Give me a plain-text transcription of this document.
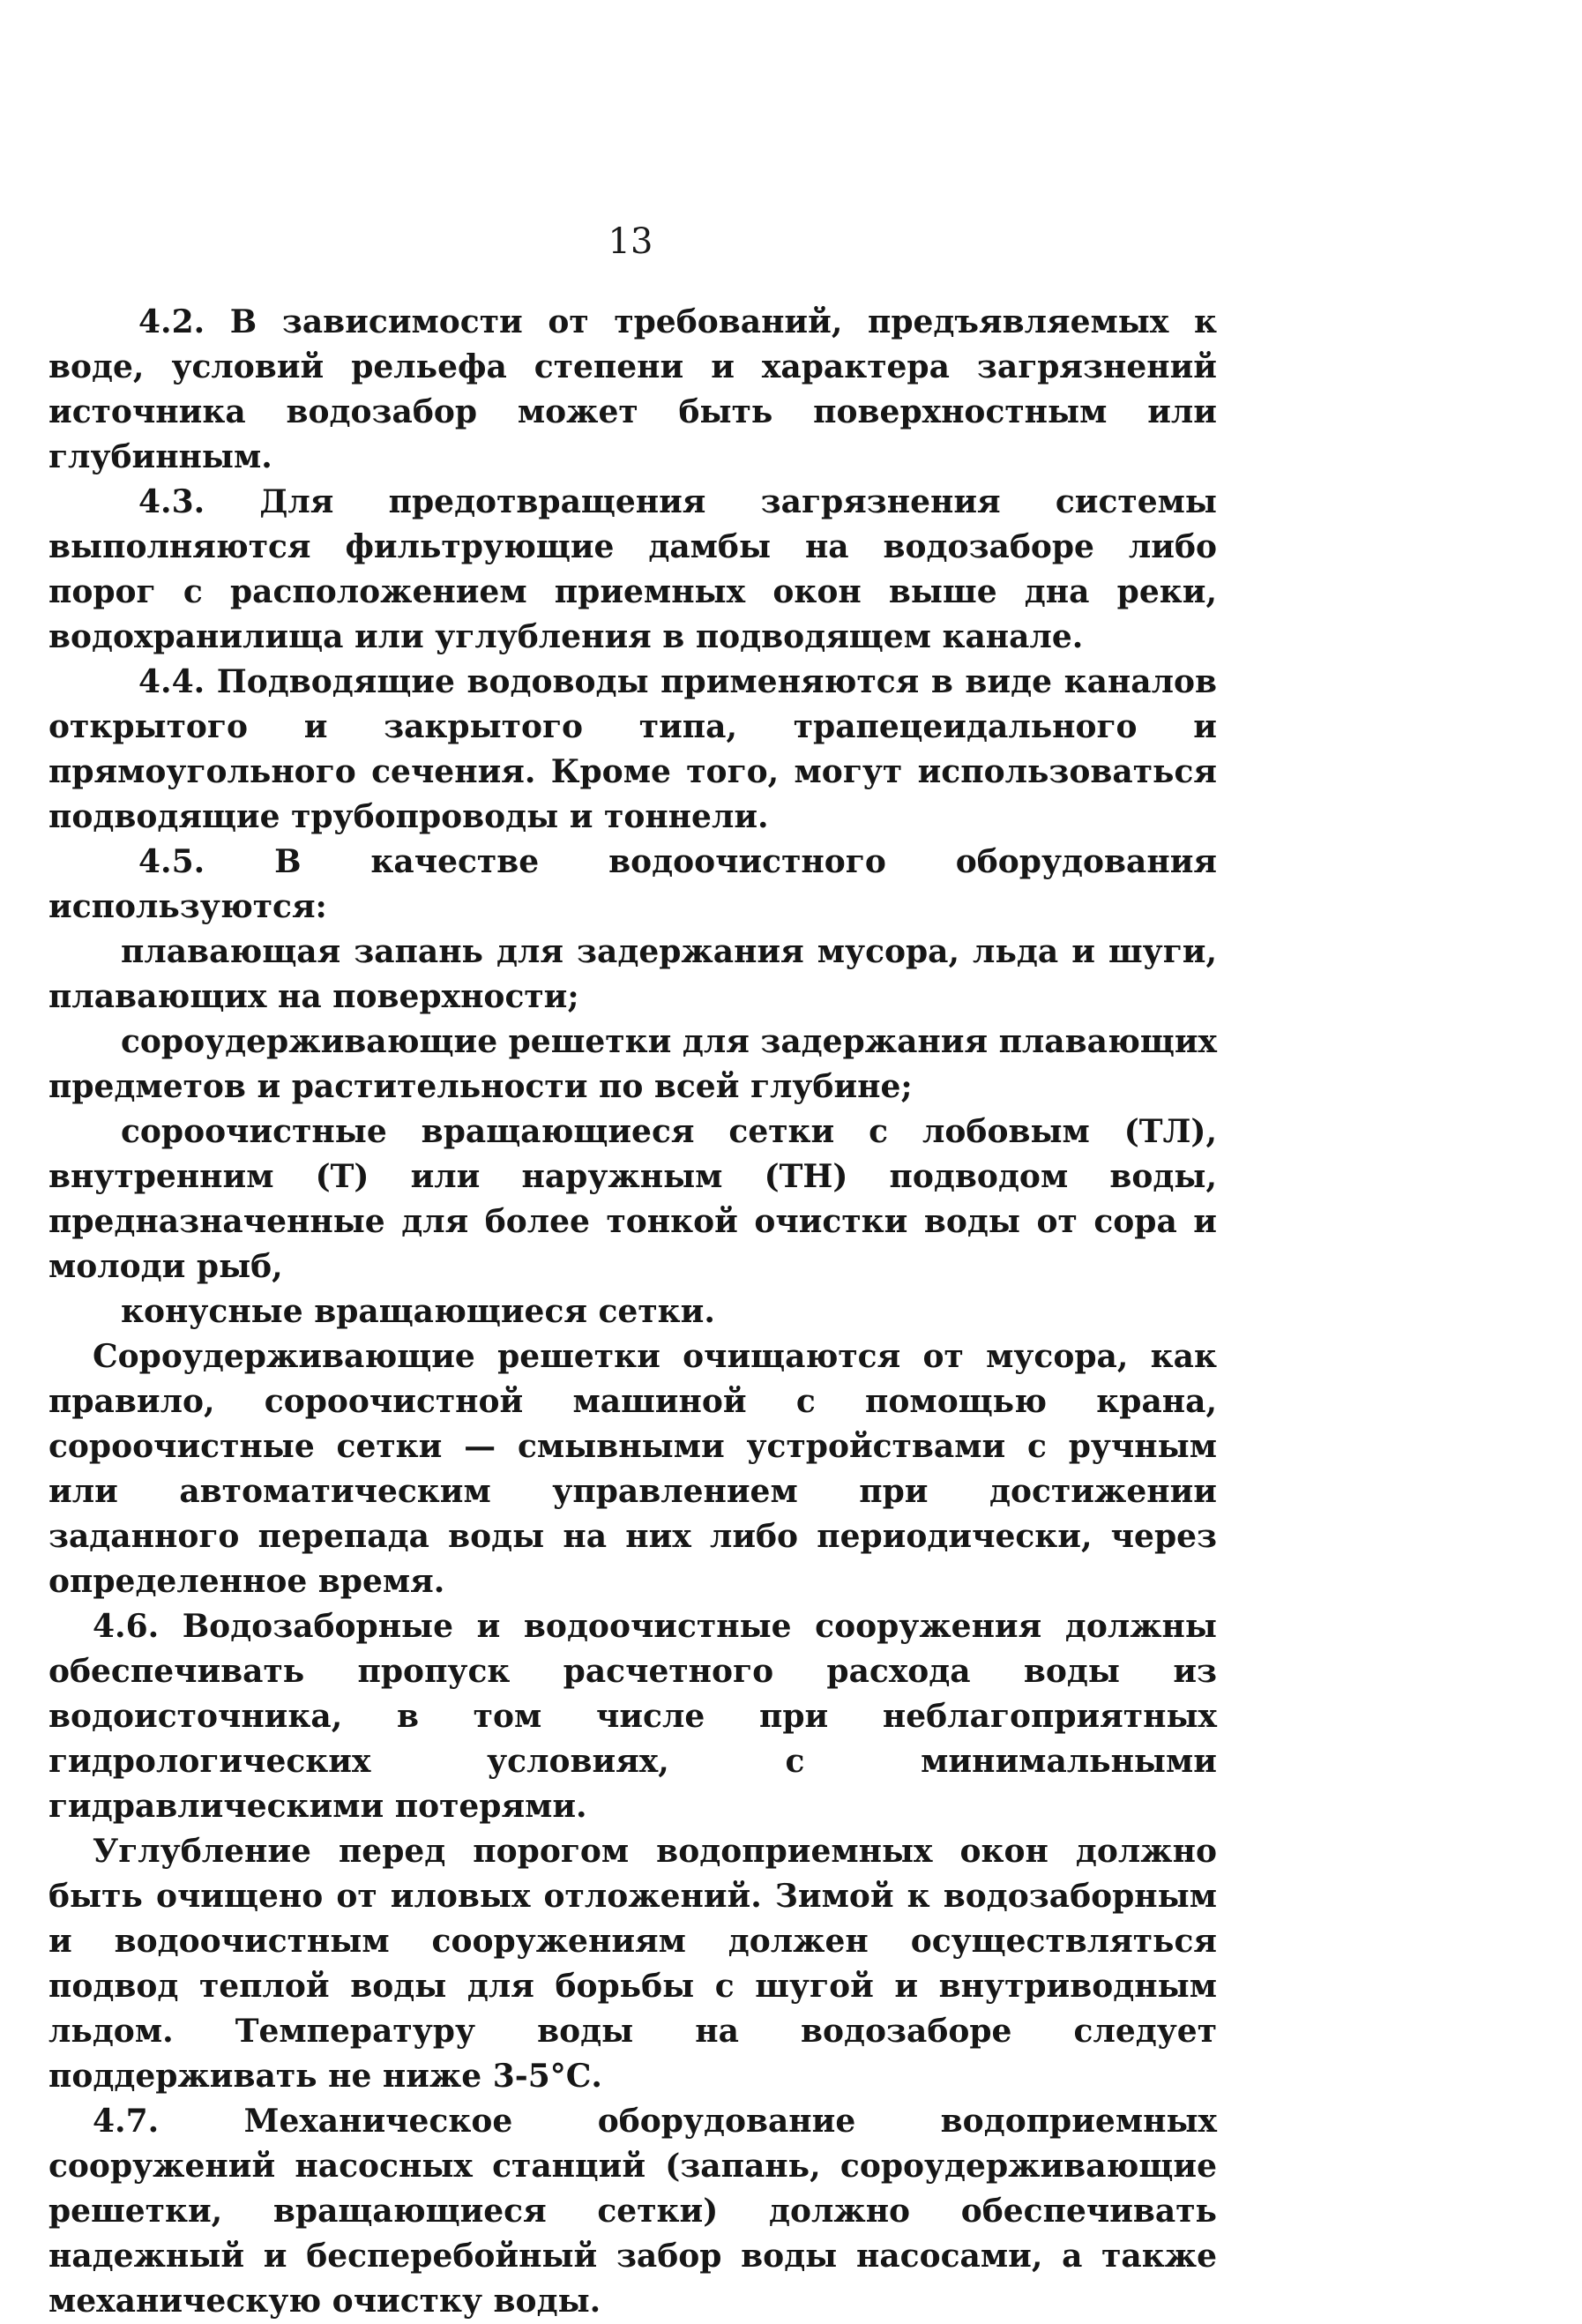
13

4.2. В зависимости от требований, предъявляемых к воде, условий рельефа степени и характера загрязнений источника водозабор может быть поверхностным или глубинным.

4.3. Для предотвращения загрязнения системы выполняются фильтрующие дамбы на водозаборе либо порог с расположением приемных окон выше дна реки, водохранилища или углубления в подводящем канале.

4.4. Подводящие водоводы применяются в виде каналов открытого и закрытого типа, трапецеидального и прямоугольного сечения. Кроме того, могут использоваться подводящие трубопроводы и тоннели.

4.5. В качестве водоочистного оборудования используются:

плавающая запань для задержания мусора, льда и шуги, плавающих на поверхности;

сороудерживающие решетки для задержания плавающих предметов и растительности по всей глубине;

сороочистные вращающиеся сетки с лобовым (ТЛ), внутренним (Т) или наружным (ТН) подводом воды, предназначенные для более тонкой очистки воды от сора и молоди рыб,

конусные вращающиеся сетки.

Сороудерживающие решетки очищаются от мусора, как правило, сороочистной машиной с помощью крана, сороочистные сетки — смывными устройствами с ручным или автоматическим управлением при достижении заданного перепада воды на них либо периодически, через определенное время.

4.6. Водозаборные и водоочистные сооружения должны обеспечивать пропуск расчетного расхода воды из водоисточника, в том числе при неблагоприятных гидрологических условиях, с минимальными гидравлическими потерями.

Углубление перед порогом водоприемных окон должно быть очищено от иловых отложений. Зимой к водозаборным и водоочистным сооружениям должен осуществляться подвод теплой воды для борьбы с шугой и внутриводным льдом. Температуру воды на водозаборе следует поддерживать не ниже 3-5°С.

4.7. Механическое оборудование водоприемных сооружений насосных станций (запань, сороудерживающие решетки, вращающиеся сетки) должно обеспечивать надежный и бесперебойный забор воды насосами, а также механическую очистку воды.
